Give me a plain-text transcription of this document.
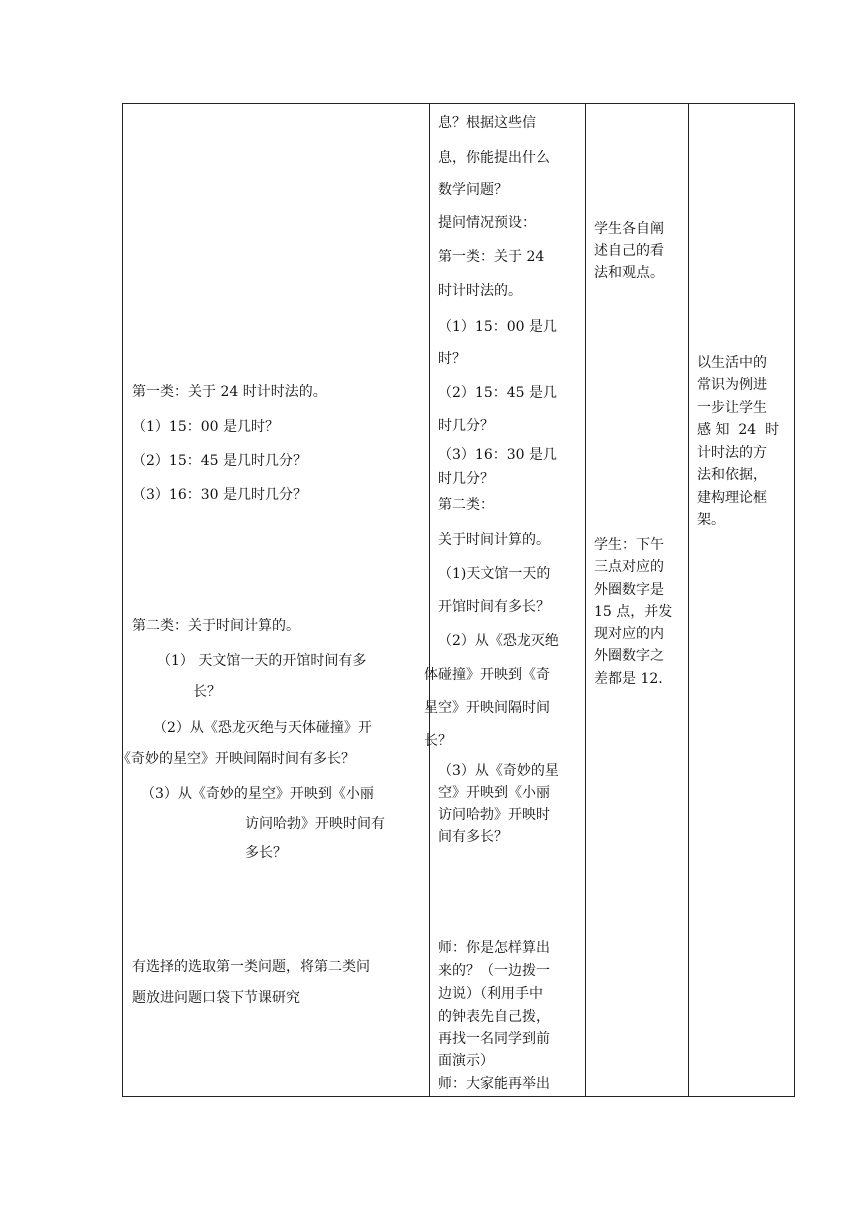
第一类：关于 24 时计时法的。
（1）15：00 是几时？
（2）15：45 是几时几分？
（3）16：30 是几时几分？
第二类：关于时间计算的。
（1） 天文馆一天的开馆时间有多
长？
（2）从《恐龙灭绝与天体碰撞》开
《奇妙的星空》开映间隔时间有多长？
（3）从《奇妙的星空》开映到《小丽
访问哈勃》开映时间有
多长？
有选择的选取第一类问题，将第二类问
题放进问题口袋下节课研究
息？根据这些信
息，你能提出什么
数学问题？
提问情况预设：
第一类：关于 24
时计时法的。
（1）15：00 是几
时？
（2）15：45 是几
时几分？
（3）16：30 是几
时几分？
第二类：
关于时间计算的。
（1)天文馆一天的
开馆时间有多长？
（2）从《恐龙灭绝
体碰撞》开映到《奇
星空》开映间隔时间
长？
（3）从《奇妙的星
空》开映到《小丽
访问哈勃》开映时
间有多长？
师：你是怎样算出
来的？（一边拨一
边说）（利用手中
的钟表先自己拨，
再找一名同学到前
面演示）
师：大家能再举出
学生各自阐
述自己的看
法和观点。
学生：下午
三点对应的
外圈数字是
15 点，并发
现对应的内
外圈数字之
差都是 12.
以生活中的
常识为例进
一步让学生
感 知  24  时
计时法的方
法和依据，
建构理论框
架。
